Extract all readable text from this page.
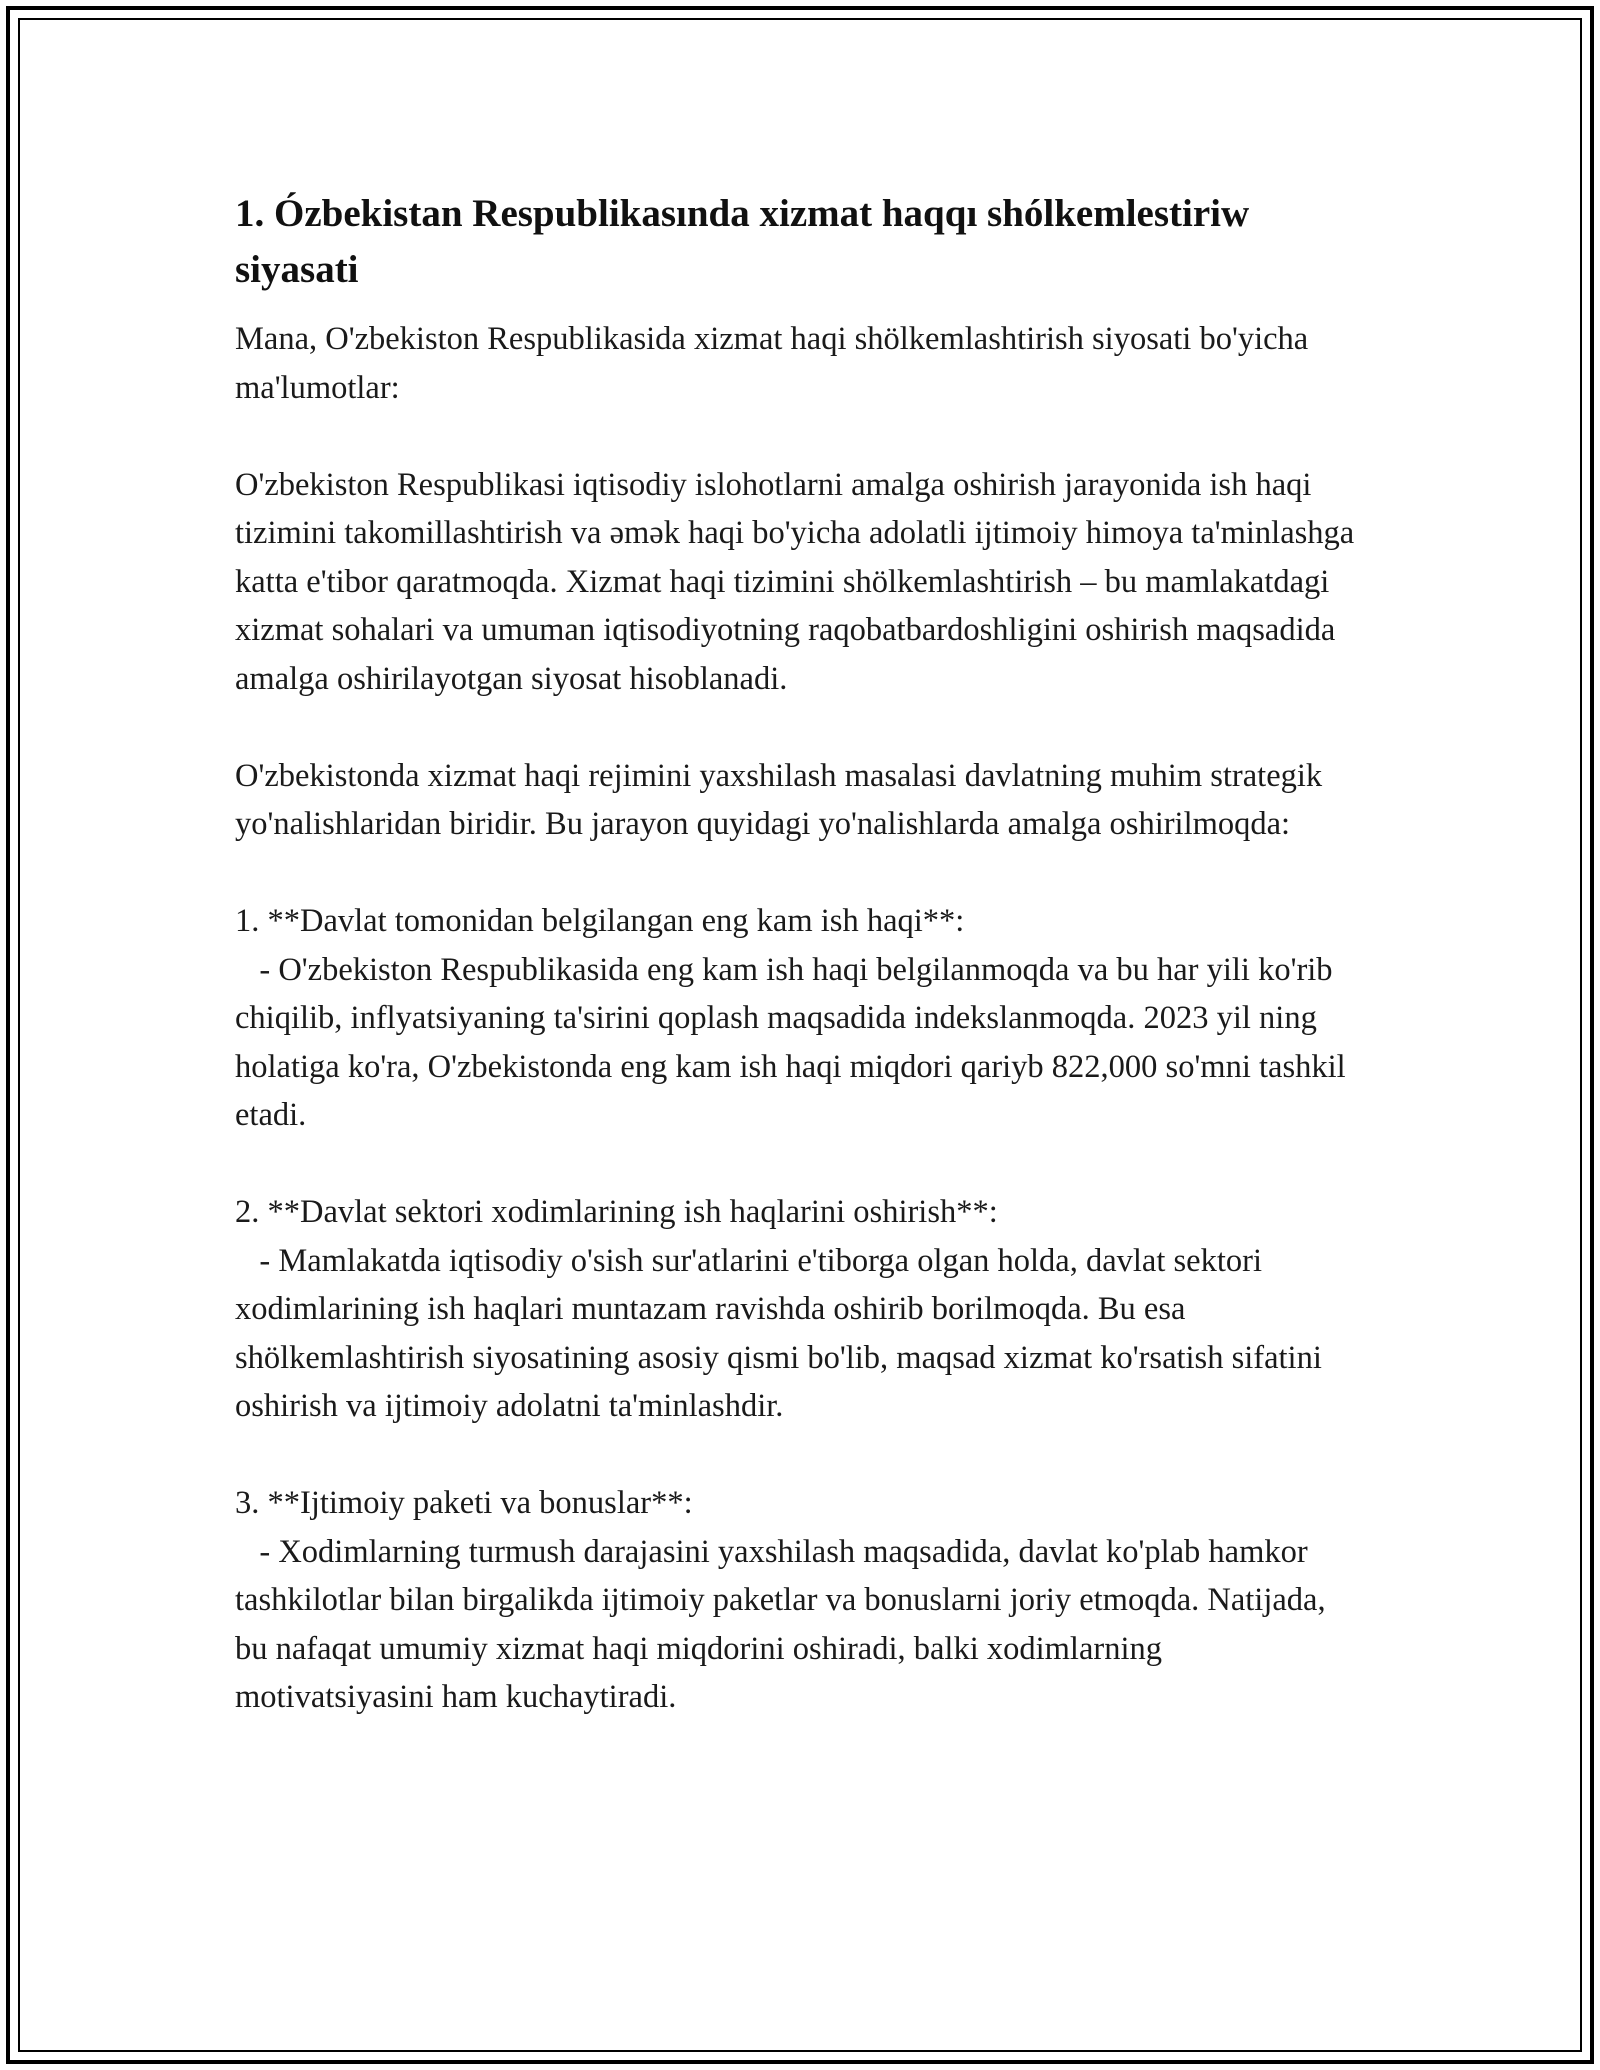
1. Ózbekistan Respublikasında xizmat haqqı shólkemlestiriw siyasati

Mana, O'zbekiston Respublikasida xizmat haqi shölkemlashtirish siyosati bo'yicha ma'lumotlar:

O'zbekiston Respublikasi iqtisodiy islohotlarni amalga oshirish jarayonida ish haqi tizimini takomillashtirish va əmək haqi bo'yicha adolatli ijtimoiy himoya ta'minlashga katta e'tibor qaratmoqda. Xizmat haqi tizimini shölkemlashtirish – bu mamlakatdagi xizmat sohalari va umuman iqtisodiyotning raqobatbardoshligini oshirish maqsadida amalga oshirilayotgan siyosat hisoblanadi.

O'zbekistonda xizmat haqi rejimini yaxshilash masalasi davlatning muhim strategik yo'nalishlaridan biridir. Bu jarayon quyidagi yo'nalishlarda amalga oshirilmoqda:

1. **Davlat tomonidan belgilangan eng kam ish haqi**:

- O'zbekiston Respublikasida eng kam ish haqi belgilanmoqda va bu har yili ko'rib chiqilib, inflyatsiyaning ta'sirini qoplash maqsadida indekslanmoqda. 2023 yil ning holatiga ko'ra, O'zbekistonda eng kam ish haqi miqdori qariyb 822,000 so'mni tashkil etadi.

2. **Davlat sektori xodimlarining ish haqlarini oshirish**:

- Mamlakatda iqtisodiy o'sish sur'atlarini e'tiborga olgan holda, davlat sektori xodimlarining ish haqlari muntazam ravishda oshirib borilmoqda. Bu esa shölkemlashtirish siyosatining asosiy qismi bo'lib, maqsad xizmat ko'rsatish sifatini oshirish va ijtimoiy adolatni ta'minlashdir.

3. **Ijtimoiy paketi va bonuslar**:

- Xodimlarning turmush darajasini yaxshilash maqsadida, davlat ko'plab hamkor tashkilotlar bilan birgalikda ijtimoiy paketlar va bonuslarni joriy etmoqda. Natijada, bu nafaqat umumiy xizmat haqi miqdorini oshiradi, balki xodimlarning motivatsiyasini ham kuchaytiradi.
